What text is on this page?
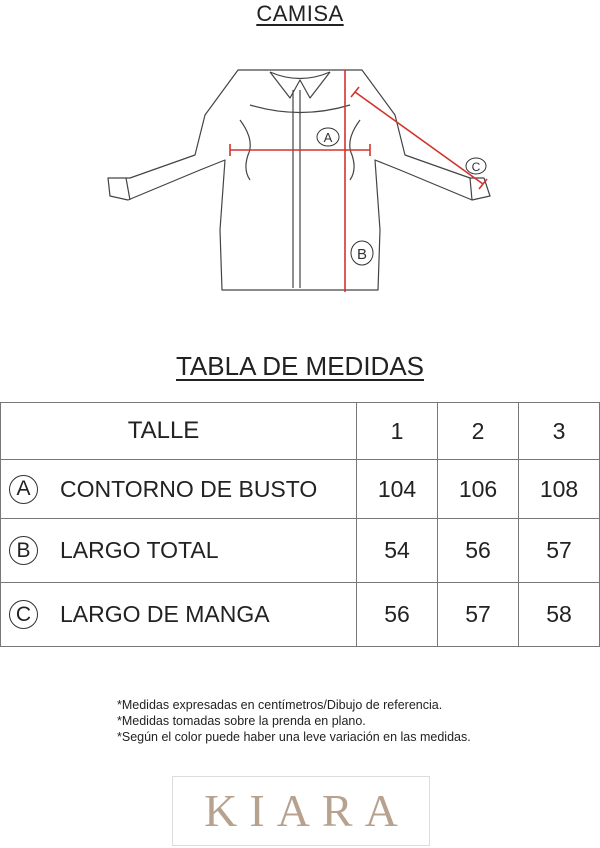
CAMISA
A
B
C
TABLA DE MEDIDAS
TALLE	1	2	3

A CONTORNO DE BUSTO	104	106	108

B LARGO TOTAL	54	56	57

C LARGO DE MANGA	56	57	58
*Medidas expresadas en centímetros/Dibujo de referencia.
*Medidas tomadas sobre la prenda en plano.
*Según el color puede haber una leve variación en las medidas.
KIARA
